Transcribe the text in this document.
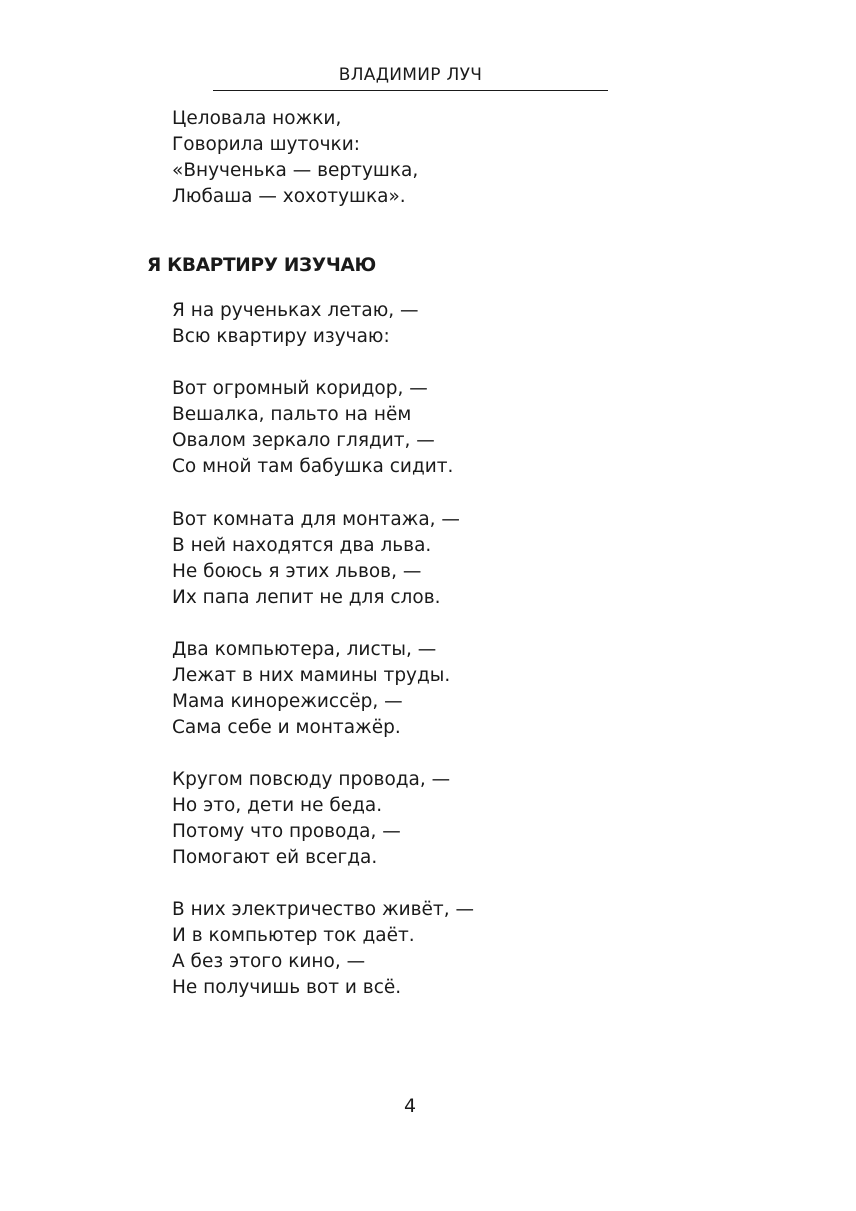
ВЛАДИМИР ЛУЧ
Целовала ножки,
Говорила шуточки:
«Внученька — вертушка,
Любаша — хохотушка».
Я КВАРТИРУ ИЗУЧАЮ
Я на рученьках летаю, —
Всю квартиру изучаю:
Вот огромный коридор, —
Вешалка, пальто на нём
Овалом зеркало глядит, —
Со мной там бабушка сидит.
Вот комната для монтажа, —
В ней находятся два льва.
Не боюсь я этих львов, —
Их папа лепит не для слов.
Два компьютера, листы, —
Лежат в них мамины труды.
Мама кинорежиссёр, —
Сама себе и монтажёр.
Кругом повсюду провода, —
Но это, дети не беда.
Потому что провода, —
Помогают ей всегда.
В них электричество живёт, —
И в компьютер ток даёт.
А без этого кино, —
Не получишь вот и всё.
4
